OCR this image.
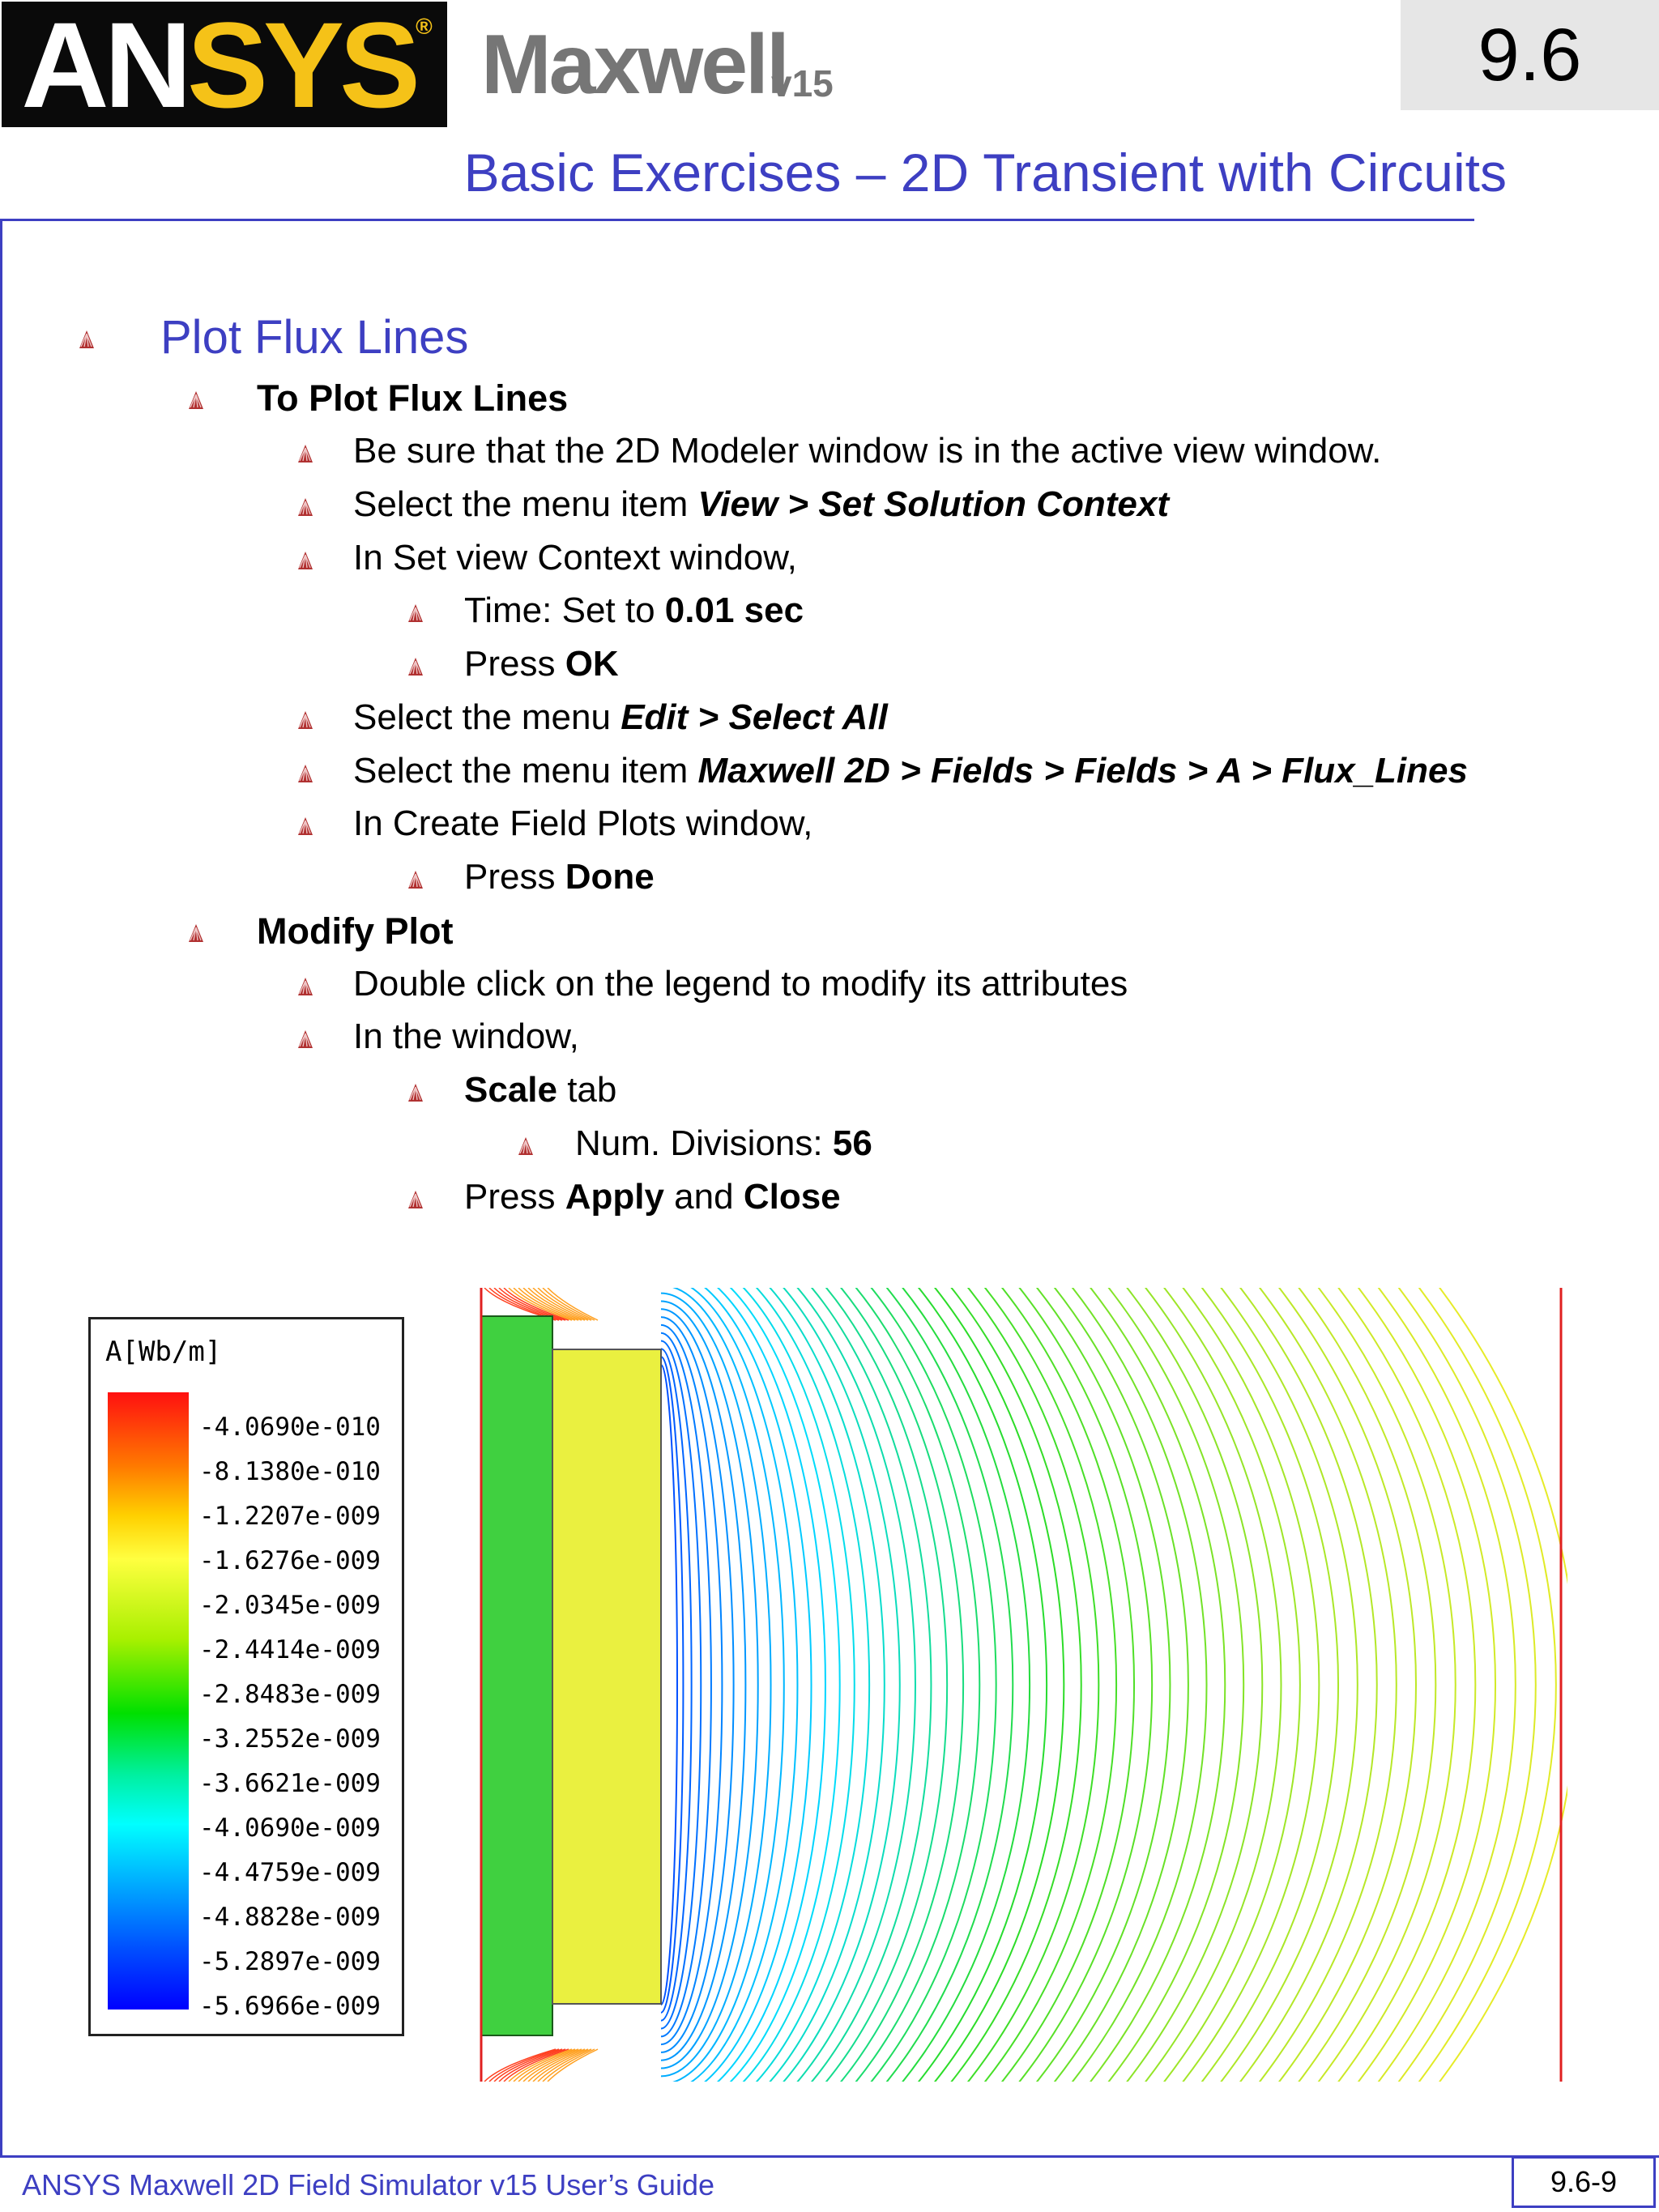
ANSYS® Maxwell
v15	9.6
Basic Exercises – 2D Transient with Circuits
Plot Flux Lines
To Plot Flux Lines
Be sure that the 2D Modeler window is in the active view window.
Select the menu item View > Set Solution Context
In Set view Context window,
Time: Set to 0.01 sec
Press OK
Select the menu Edit > Select All
Select the menu item Maxwell 2D > Fields > Fields > A > Flux_Lines
In Create Field Plots window,
Press Done
Modify Plot
Double click on the legend to modify its attributes
In the window,
Scale tab
Num. Divisions: 56
Press Apply and Close
A[Wb/m]
-4.0690e-010
-8.1380e-010
-1.2207e-009
-1.6276e-009
-2.0345e-009
-2.4414e-009
-2.8483e-009
-3.2552e-009
-3.6621e-009
-4.0690e-009
-4.4759e-009
-4.8828e-009
-5.2897e-009
-5.6966e-009
ANSYS Maxwell 2D Field Simulator v15 User’s Guide	9.6-9
